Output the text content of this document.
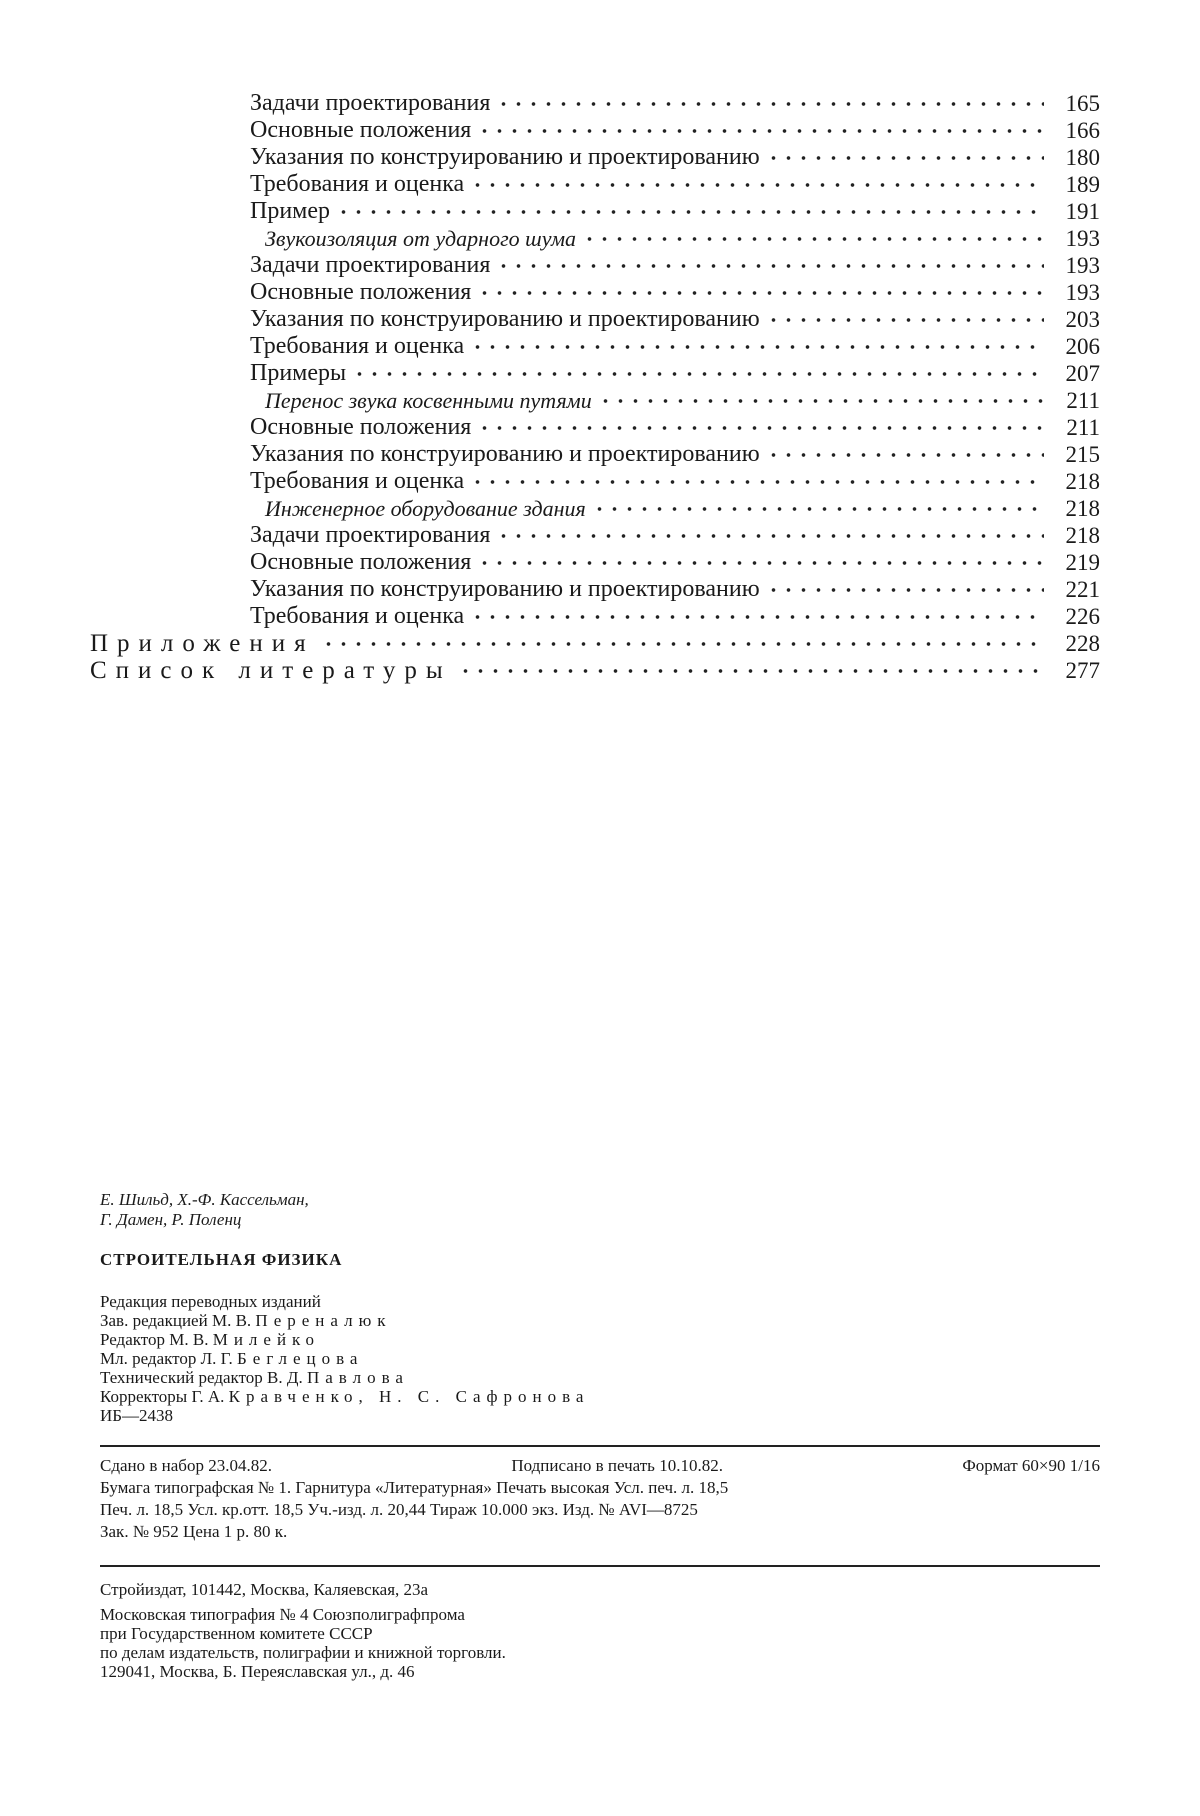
Задачи проектирования	165
Основные положения	166
Указания по конструированию и проектированию	180
Требования и оценка	189
Пример	191
Звукоизоляция от ударного шума	193
Задачи проектирования	193
Основные положения	193
Указания по конструированию и проектированию	203
Требования и оценка	206
Примеры	207
Перенос звука косвенными путями	211
Основные положения	211
Указания по конструированию и проектированию	215
Требования и оценка	218
Инженерное оборудование здания	218
Задачи проектирования	218
Основные положения	219
Указания по конструированию и проектированию	221
Требования и оценка	226
Приложения	228
Список литературы	277
Е. Шильд, Х.-Ф. Кассельман,
Г. Дамен, Р. Поленц
СТРОИТЕЛЬНАЯ ФИЗИКА
Редакция переводных изданий
Зав. редакцией М. В. Переналюк
Редактор М. В. Милейко
Мл. редактор Л. Г. Беглецова
Технический редактор В. Д. Павлова
Корректоры Г. А. Кравченко, Н. С. Сафронова
ИБ—2438
Сдано в набор 23.04.82.	Подписано в печать 10.10.82.	Формат 60×90 1/16
Бумага типографская № 1. Гарнитура «Литературная» Печать высокая Усл. печ. л. 18,5
Печ. л. 18,5 Усл. кр.отт. 18,5 Уч.-изд. л. 20,44 Тираж 10.000 экз. Изд. № AVI—8725
Зак. № 952 Цена 1 р. 80 к.
Стройиздат, 101442, Москва, Каляевская, 23а
Московская типография № 4 Союзполиграфпрома
при Государственном комитете СССР
по делам издательств, полиграфии и книжной торговли.
129041, Москва, Б. Переяславская ул., д. 46
